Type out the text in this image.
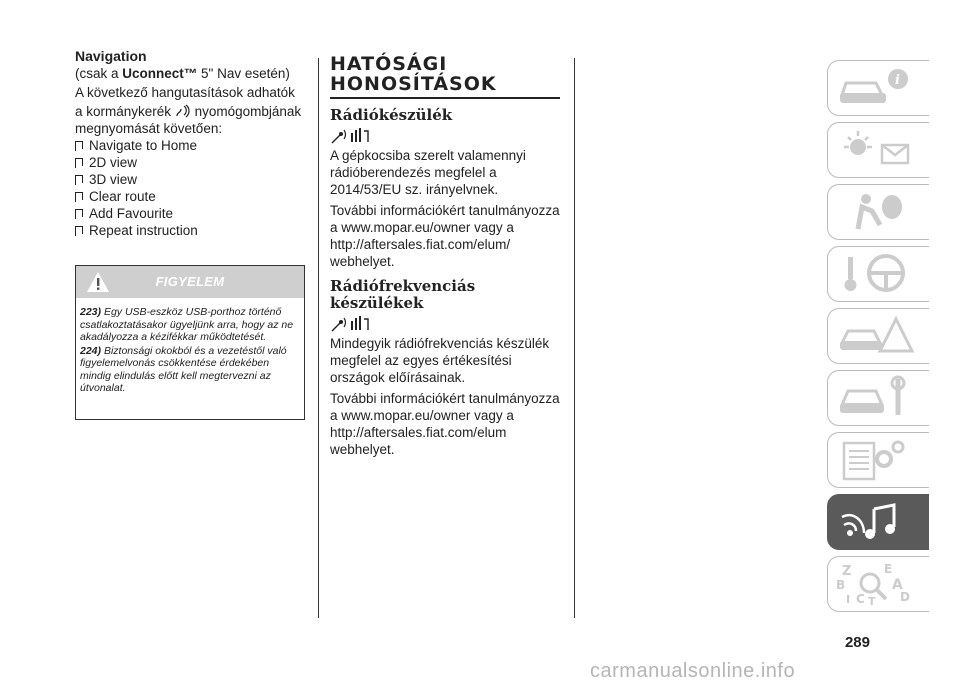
Navigation

(csak a Uconnect™ 5" Nav esetén)

A következő hangutasítások adhatók

a kormánykerék nyomógombjának

megnyomását követően:

Navigate to Home
2D view
3D view
Clear route
Add Favourite
Repeat instruction
FIGYELEM

223) Egy USB-eszköz USB-porthoz történő csatlakoztatásakor ügyeljünk arra, hogy az ne akadályozza a kézifékkar működtetését.

224) Biztonsági okokból és a vezetéstől való figyelemelvonás csökkentése érdekében mindig elindulás előtt kell megtervezni az útvonalat.

HATÓSÁGI
HONOSÍTÁSOK
Rádiókészülék

A gépkocsiba szerelt valamennyi rádióberendezés megfelel a 2014/53/EU sz. irányelvnek.

További információkért tanulmányozza a www.mopar.eu/owner vagy a http://aftersales.fiat.com/elum/ webhelyet.

Rádiófrekvenciás
készülékek

Mindegyik rádiófrekvenciás készülék megfelel az egyes értékesítési országok előírásainak.

További információkért tanulmányozza a www.mopar.eu/owner vagy a http://aftersales.fiat.com/elum webhelyet.

i
Z	E
B	A
I C T D
289
carmanualsonline.info
